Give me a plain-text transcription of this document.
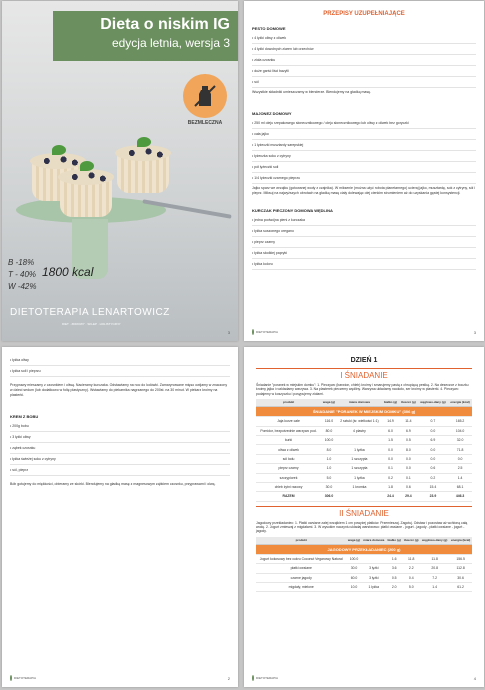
Dieta o niskim IG
edycja letnia, wersja 3
BEZMLECZNA
B -18%
T - 40%
W -42%
1800 kcal
DIETOTERAPIA LENARTOWICZ
DIET · ZDROWY · SKLEP · HOLISTYCZNY
3
PRZEPISY UZUPEŁNIAJĄCE
PESTO DOMOWE
• 4 łyżki oliwy z oliwek
• 4 łyżki dowolnych ziaren lub orzechów
• zioła czosnku
• duże garść liści bazylii
• sól
Wszystkie składniki umieszczamy w blenderze. Blendujemy na gładką masę.
MAJONEZ DOMOWY
• 250 ml oleju rzepakowego słonecznikowego / oleju słonecznikowego lub oliwy z oliwek bez goryczki
• cała jajko
• 1 łyżeczki musztardy sarepskiej
• łyżeczka soku z cytryny
• pół łyżeczki soli
• 1/4 łyżeczki czarnego pieprzu
Jajko sparz we wrzątku (gotowanej wody z czajnika). W miksenie (można użyć robota planetarnego) ucieraj jajko, musztardę, sok z cytryny, sól i pieprz. Miksuj na najwyższych obrotach na gładką masę ciały dolewając olej cienkim strumieniem aż do uzyskania gęstej konsystencji.
KURCZAK PIECZONY DOMOWA WĘDLINA
• jedna podwójna pierś z kurczaka
• łyżka suszonego oregano
• pieprz czarny
• łyżka słodkiej papryki
• łyżka koloru
DIETOTERAPIA	3
• łyżka oliwy
• łyżka soli i pieprzu
Przyprawy mieszamy z czosnkiem i oliwą. Nacieramy kurczaka. Odstawiamy na noc do lodówki. Zamarynowane mięso owijamy w znaczony w dzieci sedum (lub dodatkowo w folię plastyczny). Wstawiamy do piekarnika nagrzanego do 200st. na 30 minut. W piekarz kroimy na plasterki.
KREM Z BOBU
• 200g bobu
• 3 łyżki oliwy
• ząbek czosnku
• łyżka świeżej soku z cytryny
• sól, pieprz
Bób gotujemy do miękkości, obieramy ze skórki. Blendujemy na gładką masę z magnesowym ząbkiem czosnku, przyprawami i olwą.
DIETOTERAPIA	2
DZIEŃ 1
I ŚNIADANIE
Śniadanie "poranek w miejskim domku": 1. Pieczywo (barwion, chleb) kroimy i smarujemy pastą z chrupiącą pestką. 2. Na deseczce z boczku kroimy jajka i rozkładamy warzywa. 3. Na plasterek pieczemy wędliny. Warzywa układamy naokoło, ser kroimy w plasterki. 4. Pieczywo podajemy w koszyczku i posypujemy ziołami.
produkt	waga (g)	miara domowa	białko (g)	tłuszcz (g)	węglowo-dany (g)	energia (kcal)
ŚNIADANIE "PORANEK W MIEJSKIM DOMKU" (306 g)						
Jaja kurze całe	116.0	2 sztuki (śr. wielkości 1:1)	14.9	11.4	0.7	165.2
Pomidor, bezpośrednie warzywo pod.	80.0	4 plastry	6.0	6.9	0.0	104.0
kurki	100.0		1.5	0.5	6.9	32.0
oliwa z oliwek	8.0	1 łyżka	0.0	8.0	0.0	71.8
sól łodu	1.0	1 szczypta	0.0	0.0	0.0	0.0
pieprz czarny	1.0	1 szczypta	0.1	0.0	0.6	2.5
szczypiorek	5.0	1 łyżka	0.2	0.1	0.2	1.4
chleb żytni razowy	30.0	1 kromka	1.8	0.6	15.4	68.1
RAZEM	306.0		24.4	29.4	23.9	446.3
II ŚNIADANIE
Jagodowy przekładaniec: 1. Płatki owsiane zalej wrzątkiem 1 cm powyżej płatków. Przemieszaj. Zagotuj. Odstaw i pozostaw aż wchłoną całą wodę. 2. Jogurt zmieszaj z migdałami. 3. W wysokim naczyniu układaj warstwowo: płatki owsiane - jogurt - jagody - płatki owsiane - jogurt - jagody.
produkt	waga (g)	miara domowa	białko (g)	tłuszcz (g)	węglowo-dany (g)	energia (kcal)
JAGODOWY PRZEKŁADANIEC (200 g)						
Jogurt kokosowy bez cukru Coconut Veganowy Natural	100.0		1.6	11.8	11.8	156.5
płatki owsiane	30.0	3 łyżki	3.6	2.2	20.8	112.8
czarne jagody	60.0	3 łyżki	0.5	0.4	7.2	30.6
migdały, mielone	10.0	1 łyżka	2.0	5.0	1.4	61.2
DIETOTERAPIA	4
